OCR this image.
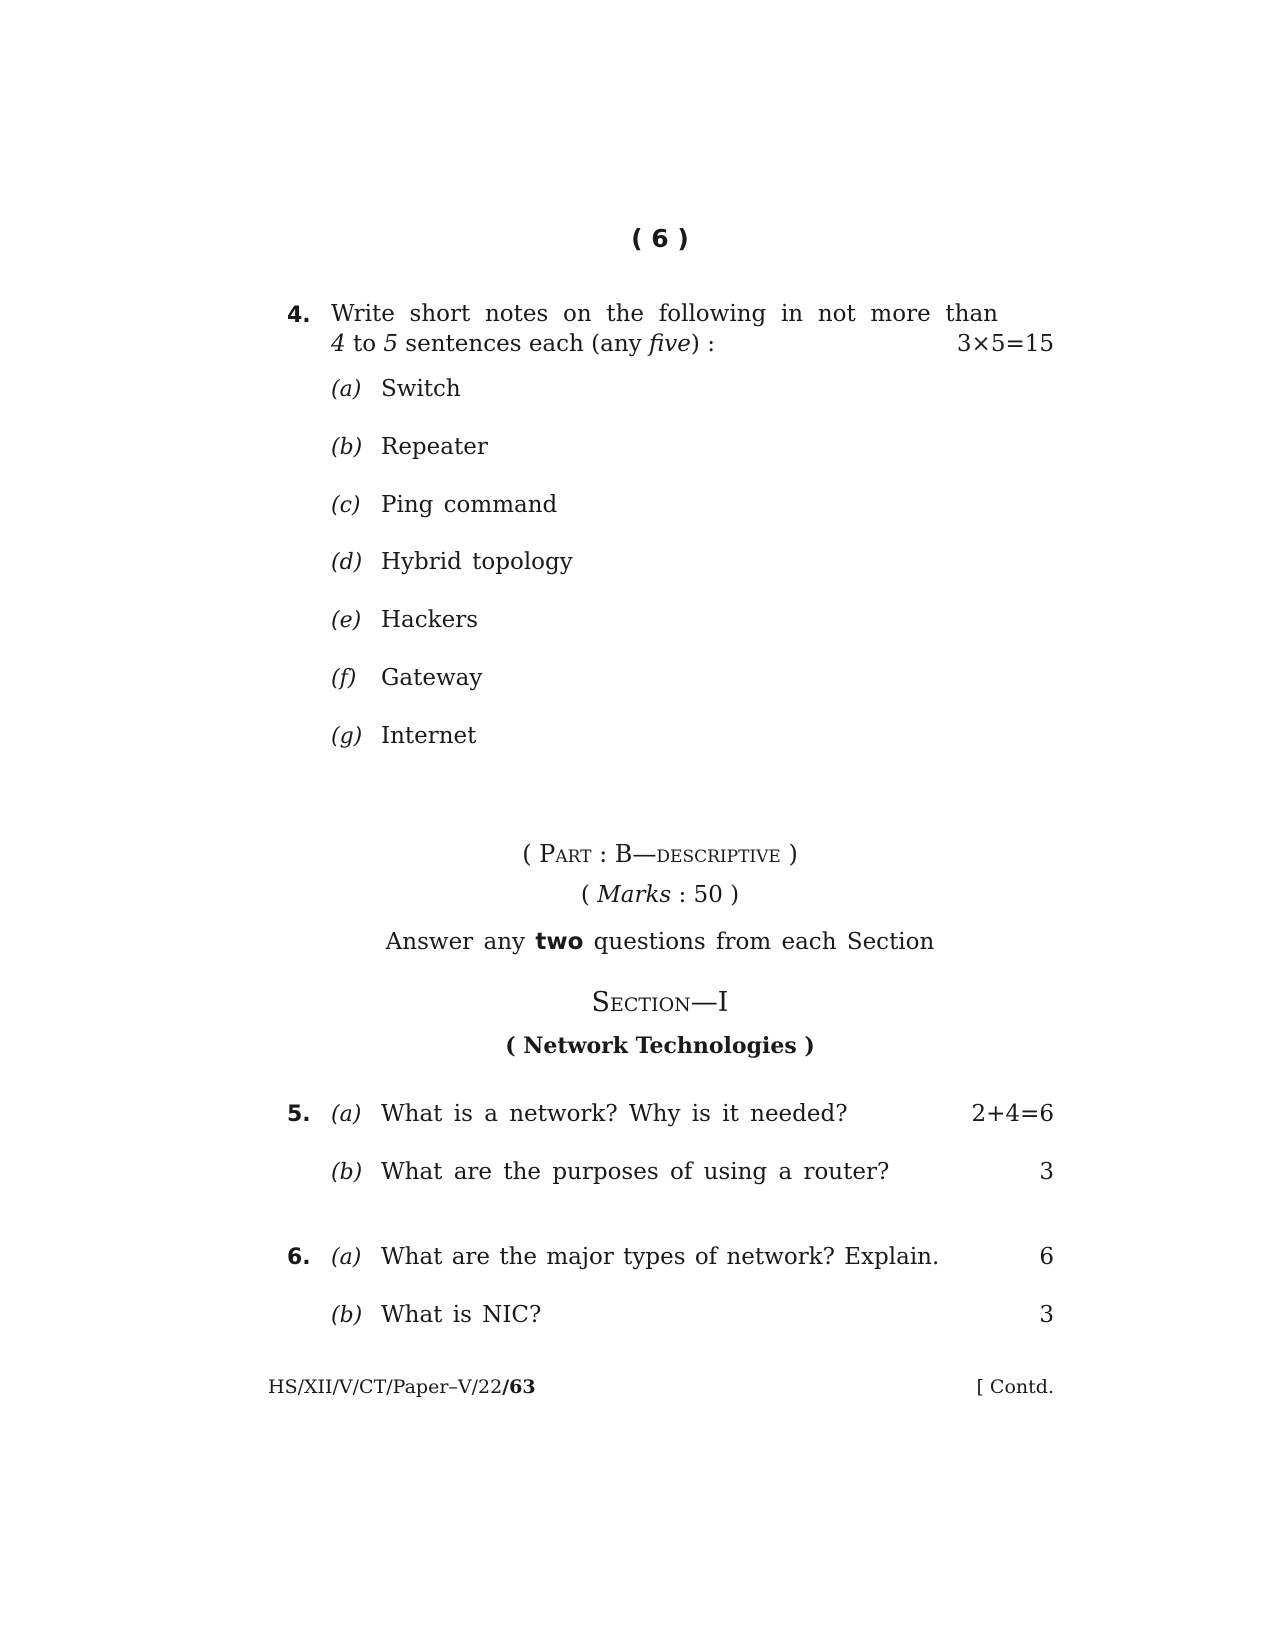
( 6 )
4. Write short notes on the following in not more than
4 to 5 sentences each (any five) :	3×5=15
(a) Switch
(b) Repeater
(c) Ping command
(d) Hybrid topology
(e) Hackers
(f) Gateway
(g) Internet
( Part : B—descriptive )
( Marks : 50 )
Answer any two questions from each Section
Section—I
( Network Technologies )
5. (a) What is a network? Why is it needed?	2+4=6
(b) What are the purposes of using a router?	3
6. (a) What are the major types of network? Explain.	6
(b) What is NIC?	3
HS/XII/V/CT/Paper–V/22/63	[ Contd.
